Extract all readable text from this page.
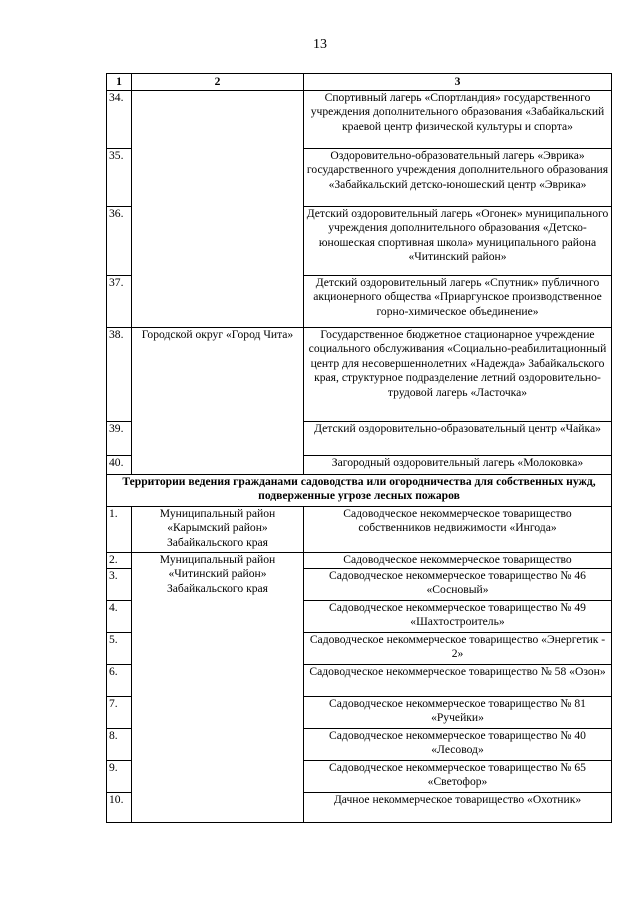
13
1	2	3
34.		Спортивный лагерь «Спортландия» государственного учреждения дополнительного образования «Забайкальский краевой центр физической культуры и спорта»
35.		Оздоровительно-образовательный лагерь «Эврика» государственного учреждения дополнительного образования «Забайкальский детско-юношеский центр «Эврика»
36.		Детский оздоровительный лагерь «Огонек» муниципального учреждения дополнительного образования «Детско-юношеская спортивная школа» муниципального района «Читинский район»
37.		Детский оздоровительный лагерь «Спутник» публичного акционерного общества «Приаргунское производственное горно-химическое объединение»
38.	Городской округ «Город Чита»	Государственное бюджетное стационарное учреждение социального обслуживания «Социально-реабилитационный центр для несовершеннолетних «Надежда» Забайкальского края, структурное подразделение летний оздоровительно-трудовой лагерь «Ласточка»
39.		Детский оздоровительно-образовательный центр «Чайка»
40.		Загородный оздоровительный лагерь «Молоковка»
Территории ведения гражданами садоводства или огородничества для собственных нужд, подверженные угрозе лесных пожаров		
1.	Муниципальный район «Карымский район» Забайкальского края	Садоводческое некоммерческое товарищество собственников недвижимости «Ингода»
2.	Муниципальный район «Читинский район» Забайкальского края	Садоводческое некоммерческое товарищество
3.		Садоводческое некоммерческое товарищество № 46 «Сосновый»
4.		Садоводческое некоммерческое товарищество № 49 «Шахтостроитель»
5.		Садоводческое некоммерческое товарищество «Энергетик - 2»
6.		Садоводческое некоммерческое товарищество № 58 «Озон»
7.		Садоводческое некоммерческое товарищество № 81 «Ручейки»
8.		Садоводческое некоммерческое товарищество № 40 «Лесовод»
9.		Садоводческое некоммерческое товарищество № 65 «Светофор»
10.		Дачное некоммерческое товарищество «Охотник»
